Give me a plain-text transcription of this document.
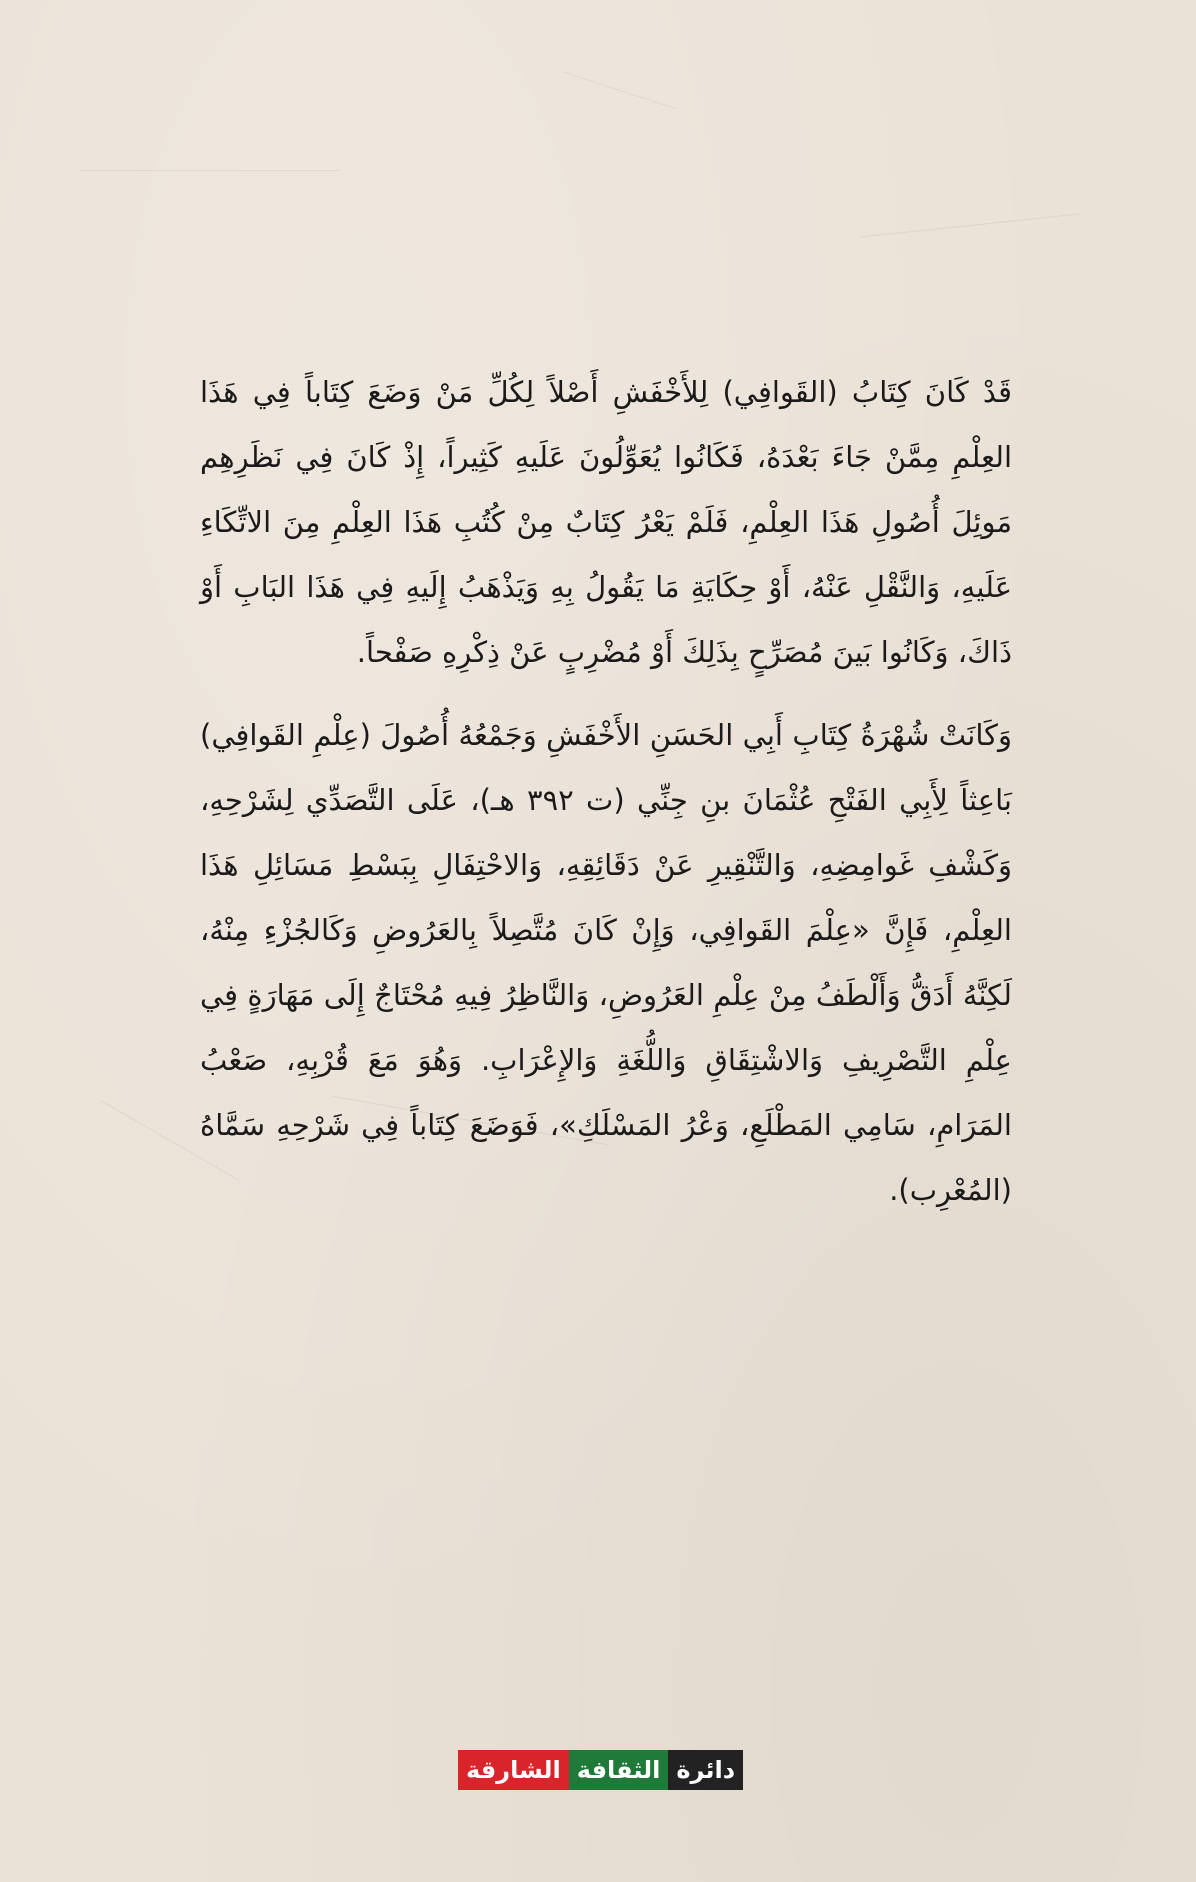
قَدْ كَانَ كِتَابُ (القَوافِي) لِلأَخْفَشِ أَصْلاً لِكُلِّ مَنْ وَضَعَ كِتَاباً فِي هَذَا العِلْمِ مِمَّنْ جَاءَ بَعْدَهُ، فَكَانُوا يُعَوِّلُونَ عَلَيهِ كَثِيراً، إِذْ كَانَ فِي نَظَرِهِم مَوئِلَ أُصُولِ هَذَا العِلْمِ، فَلَمْ يَعْرُ كِتَابٌ مِنْ كُتُبِ هَذَا العِلْمِ مِنَ الاتِّكَاءِ عَلَيهِ، وَالنَّقْلِ عَنْهُ، أَوْ حِكَايَةِ مَا يَقُولُ بِهِ وَيَذْهَبُ إِلَيهِ فِي هَذَا البَابِ أَوْ ذَاكَ، وَكَانُوا بَينَ مُصَرِّحٍ بِذَلِكَ أَوْ مُضْرِبٍ عَنْ ذِكْرِهِ صَفْحاً.

وَكَانَتْ شُهْرَةُ كِتَابِ أَبِي الحَسَنِ الأَخْفَشِ وَجَمْعُهُ أُصُولَ (عِلْمِ القَوافِي) بَاعِثاً لِأَبِي الفَتْحِ عُثْمَانَ بنِ جِنِّي (ت ٣٩٢ هـ)، عَلَى التَّصَدِّي لِشَرْحِهِ، وَكَشْفِ غَوامِضِهِ، وَالتَّنْقِيرِ عَنْ دَقَائِقِهِ، وَالاحْتِفَالِ بِبَسْطِ مَسَائِلِ هَذَا العِلْمِ، فَإِنَّ «عِلْمَ القَوافِي، وَإِنْ كَانَ مُتَّصِلاً بِالعَرُوضِ وَكَالجُزْءِ مِنْهُ، لَكِنَّهُ أَدَقُّ وَأَلْطَفُ مِنْ عِلْمِ العَرُوضِ، وَالنَّاظِرُ فِيهِ مُحْتَاجٌ إِلَى مَهَارَةٍ فِي عِلْمِ التَّصْرِيفِ وَالاشْتِقَاقِ وَاللُّغَةِ وَالإِعْرَابِ. وَهُوَ مَعَ قُرْبِهِ، صَعْبُ المَرَامِ، سَامِي المَطْلَعِ، وَعْرُ المَسْلَكِ»، فَوَضَعَ كِتَاباً فِي شَرْحِهِ سَمَّاهُ (المُعْرِب).

دائرة
الثقافة
الشارقة
